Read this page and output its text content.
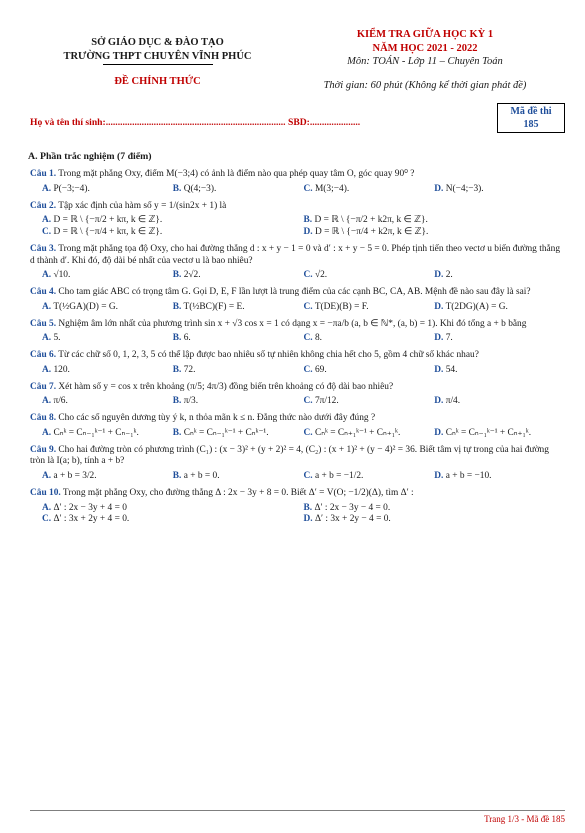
SỞ GIÁO DỤC & ĐÀO TẠO
TRƯỜNG THPT CHUYÊN VĨNH PHÚC
ĐỀ CHÍNH THỨC
KIỂM TRA GIỮA HỌC KỲ 1
NĂM HỌC 2021 - 2022
Môn: TOÁN - Lớp 11 – Chuyên Toán
Thời gian: 60 phút (Không kể thời gian phát đề)
Họ và tên thí sinh:........................................................................... SBD:.....................
Mã đề thi
185
A. Phần trắc nghiệm (7 điểm)
Câu 1. Trong mặt phẳng Oxy, điểm M(−3;4) có ảnh là điểm nào qua phép quay tâm O, góc quay 90⁰ ?
A. P(−3;−4).	B. Q(4;−3).	C. M(3;−4).	D. N(−4;−3).
Câu 2. Tập xác định của hàm số y = 1/(sin2x + 1) là
A. D = ℝ \ {−π/2 + kπ, k ∈ ℤ}.	B. D = ℝ \ {−π/2 + k2π, k ∈ ℤ}.
C. D = ℝ \ {−π/4 + kπ, k ∈ ℤ}.	D. D = ℝ \ {−π/4 + k2π, k ∈ ℤ}.
Câu 3. Trong mặt phẳng tọa độ Oxy, cho hai đường thẳng d : x + y − 1 = 0 và d′ : x + y − 5 = 0. Phép tịnh tiến theo vectơ u biến đường thẳng d thành d′. Khi đó, độ dài bé nhất của vectơ u là bao nhiêu?
A. √10.	B. 2√2.	C. √2.	D. 2.
Câu 4. Cho tam giác ABC có trọng tâm G. Gọi D, E, F lần lượt là trung điểm của các cạnh BC, CA, AB. Mệnh đề nào sau đây là sai?
A. T(½GA)(D) = G.	B. T(½BC)(F) = E.	C. T(DE)(B) = F.	D. T(2DG)(A) = G.
Câu 5. Nghiệm âm lớn nhất của phương trình sin x + √3 cos x = 1 có dạng x = −πa/b (a, b ∈ ℕ*, (a, b) = 1). Khi đó tổng a + b bằng
A. 5.	B. 6.	C. 8.	D. 7.
Câu 6. Từ các chữ số 0, 1, 2, 3, 5 có thể lập được bao nhiêu số tự nhiên không chia hết cho 5, gồm 4 chữ số khác nhau?
A. 120.	B. 72.	C. 69.	D. 54.
Câu 7. Xét hàm số y = cos x trên khoảng (π/5; 4π/3) đồng biến trên khoảng có độ dài bao nhiêu?
A. π/6.	B. π/3.	C. 7π/12.	D. π/4.
Câu 8. Cho các số nguyên dương tùy ý k, n thỏa mãn k ≤ n. Đẳng thức nào dưới đây đúng ?
A. Cₙᵏ = Cₙ₋₁ᵏ⁻¹ + Cₙ₋₁ᵏ.	B. Cₙᵏ = Cₙ₋₁ᵏ⁻¹ + Cₙᵏ⁻¹.	C. Cₙᵏ = Cₙ₊₁ᵏ⁻¹ + Cₙ₊₁ᵏ.	D. Cₙᵏ = Cₙ₋₁ᵏ⁻¹ + Cₙ₊₁ᵏ.
Câu 9. Cho hai đường tròn có phương trình (C₁) : (x − 3)² + (y + 2)² = 4, (C₂) : (x + 1)² + (y − 4)² = 36. Biết tâm vị tự trong của hai đường tròn là I(a; b), tính a + b?
A. a + b = 3/2.	B. a + b = 0.	C. a + b = −1/2.	D. a + b = −10.
Câu 10. Trong mặt phẳng Oxy, cho đường thẳng Δ : 2x − 3y + 8 = 0. Biết Δ′ = V(O; −1/2)(Δ), tìm Δ′ :
A. Δ′ : 2x − 3y + 4 = 0	B. Δ′ : 2x − 3y − 4 = 0.
C. Δ′ : 3x + 2y + 4 = 0.	D. Δ′ : 3x + 2y − 4 = 0.
Trang 1/3 - Mã đề 185
